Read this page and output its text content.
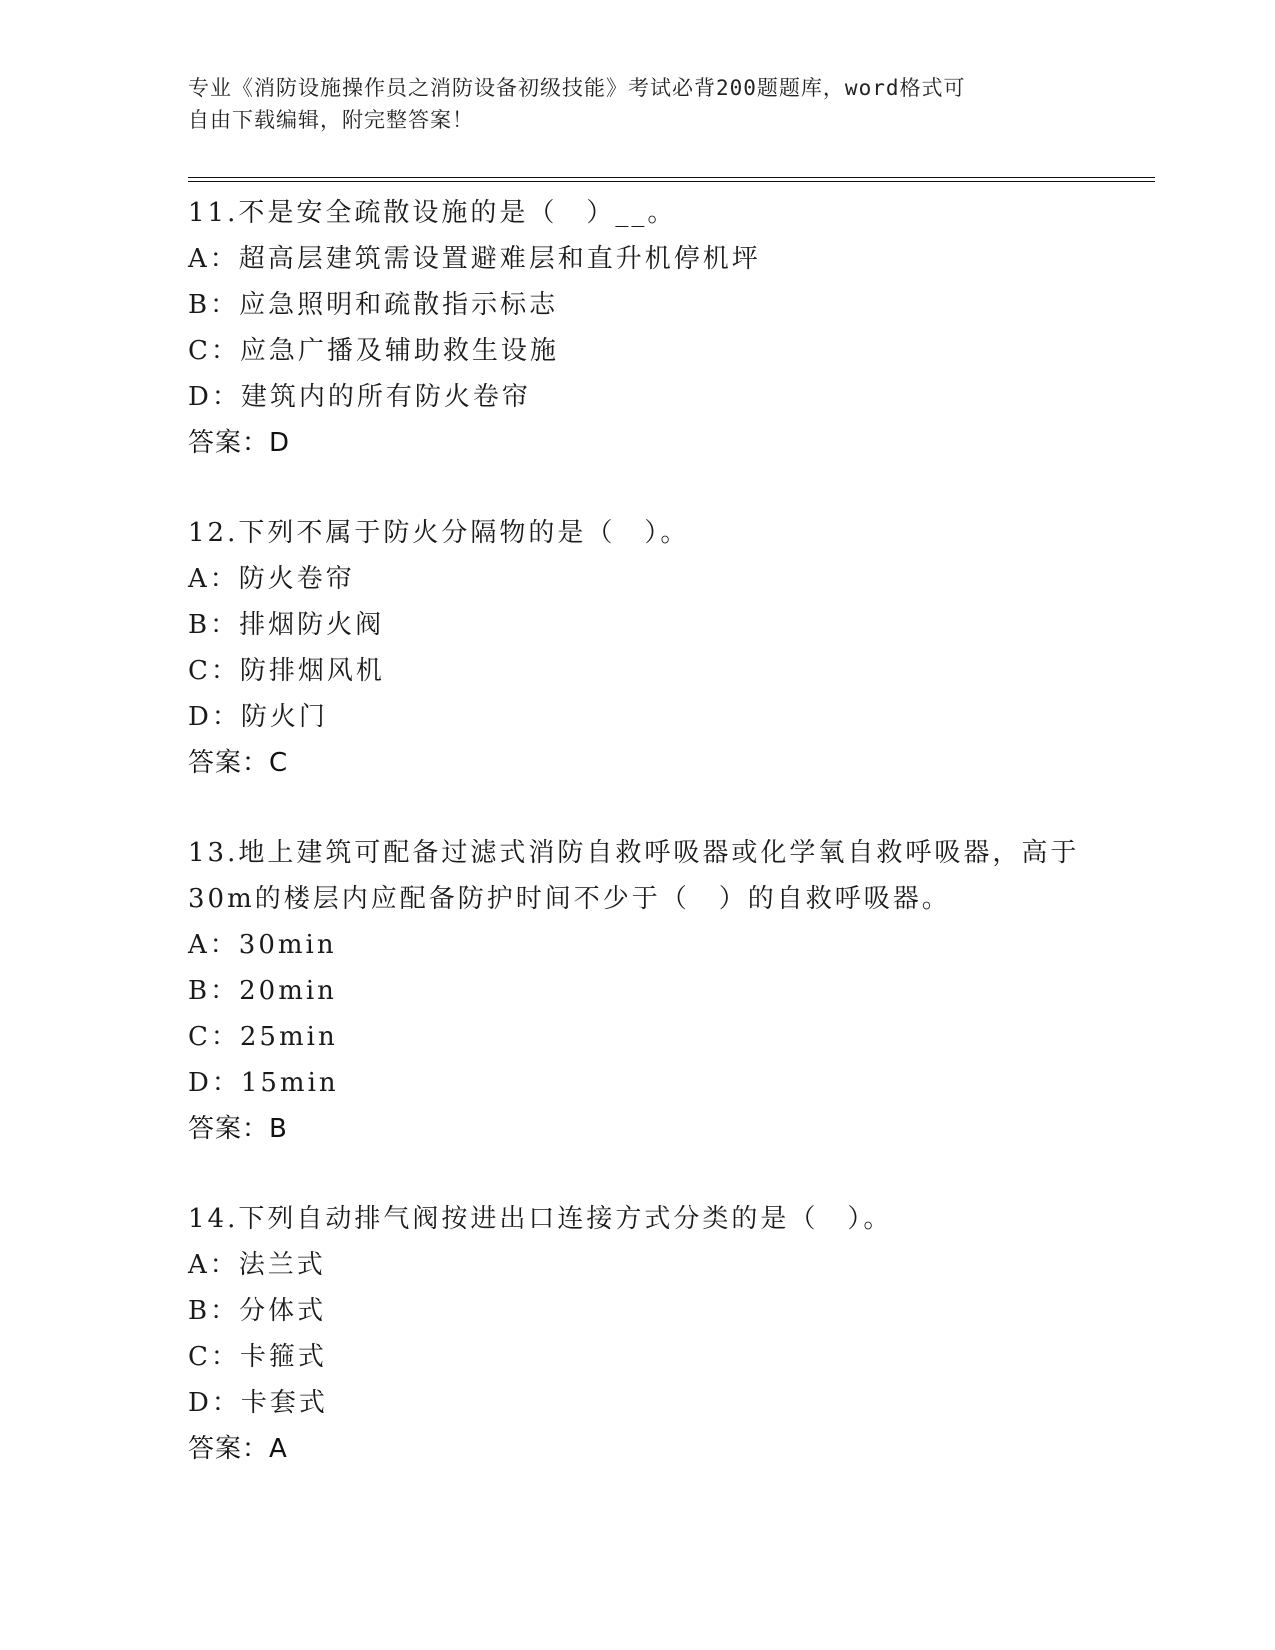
专业《消防设施操作员之消防设备初级技能》考试必背200题题库，word格式可
自由下载编辑，附完整答案！
11.不是安全疏散设施的是（　）__。
A：超高层建筑需设置避难层和直升机停机坪
B：应急照明和疏散指示标志
C：应急广播及辅助救生设施
D：建筑内的所有防火卷帘
答案：D
12.下列不属于防火分隔物的是（　）。
A：防火卷帘
B：排烟防火阀
C：防排烟风机
D：防火门
答案：C
13.地上建筑可配备过滤式消防自救呼吸器或化学氧自救呼吸器，高于30m的楼层内应配备防护时间不少于（　）的自救呼吸器。
A：30min
B：20min
C：25min
D：15min
答案：B
14.下列自动排气阀按进出口连接方式分类的是（　）。
A：法兰式
B：分体式
C：卡箍式
D：卡套式
答案：A
